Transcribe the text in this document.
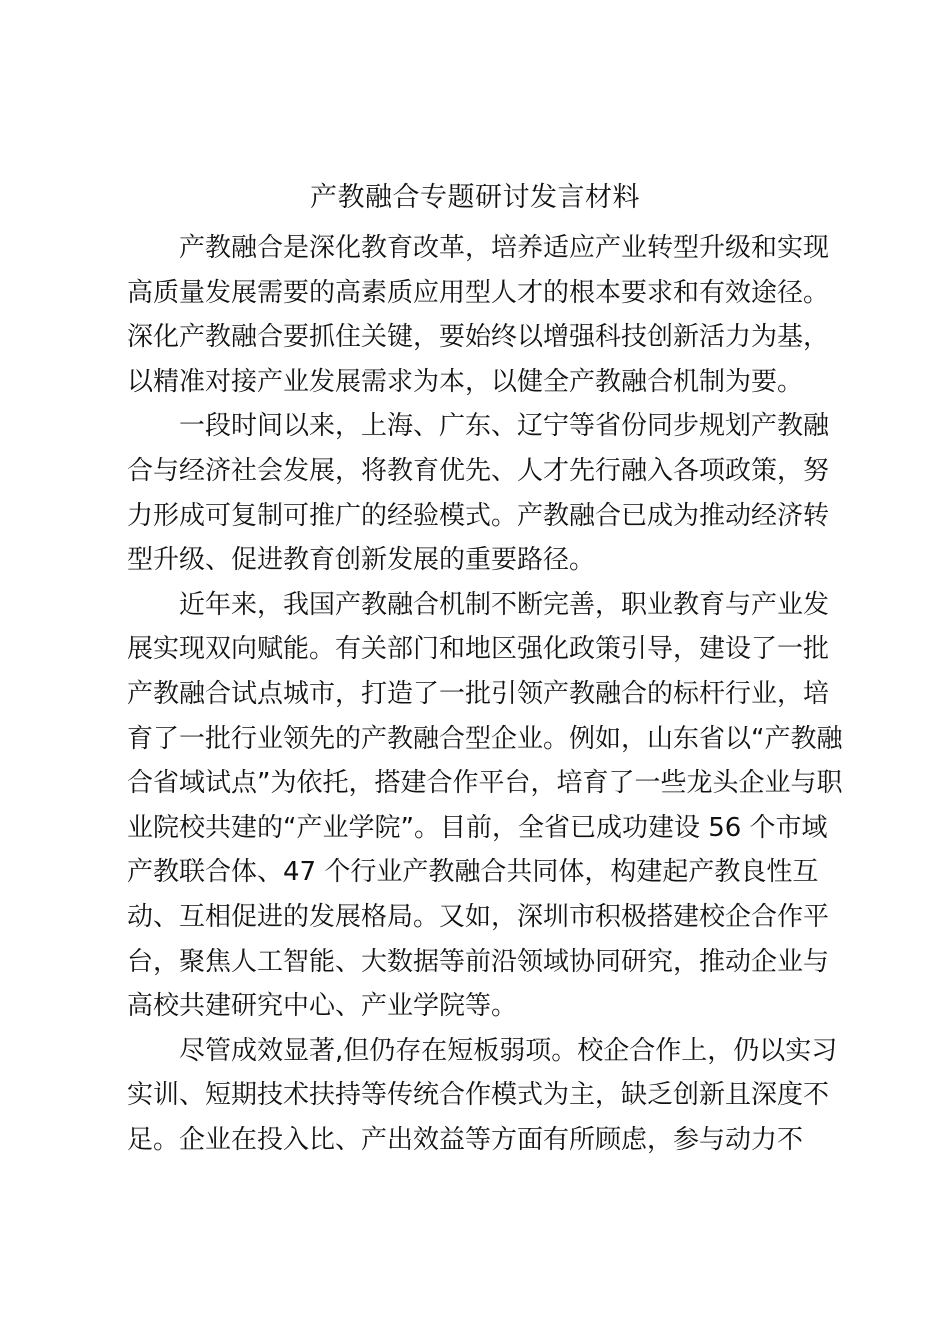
产教融合专题研讨发言材料

产教融合是深化教育改革，培养适应产业转型升级和实现
高质量发展需要的高素质应用型人才的根本要求和有效途径。
深化产教融合要抓住关键，要始终以增强科技创新活力为基，
以精准对接产业发展需求为本，以健全产教融合机制为要。

一段时间以来，上海、广东、辽宁等省份同步规划产教融
合与经济社会发展，将教育优先、人才先行融入各项政策，努
力形成可复制可推广的经验模式。产教融合已成为推动经济转
型升级、促进教育创新发展的重要路径。

近年来，我国产教融合机制不断完善，职业教育与产业发
展实现双向赋能。有关部门和地区强化政策引导，建设了一批
产教融合试点城市，打造了一批引领产教融合的标杆行业，培
育了一批行业领先的产教融合型企业。例如，山东省以“产教融
合省域试点”为依托，搭建合作平台，培育了一些龙头企业与职
业院校共建的“产业学院”。目前，全省已成功建设 56 个市域
产教联合体、47 个行业产教融合共同体，构建起产教良性互
动、互相促进的发展格局。又如，深圳市积极搭建校企合作平
台，聚焦人工智能、大数据等前沿领域协同研究，推动企业与
高校共建研究中心、产业学院等。

尽管成效显著,但仍存在短板弱项。校企合作上，仍以实习
实训、短期技术扶持等传统合作模式为主，缺乏创新且深度不
足。企业在投入比、产出效益等方面有所顾虑，参与动力不
